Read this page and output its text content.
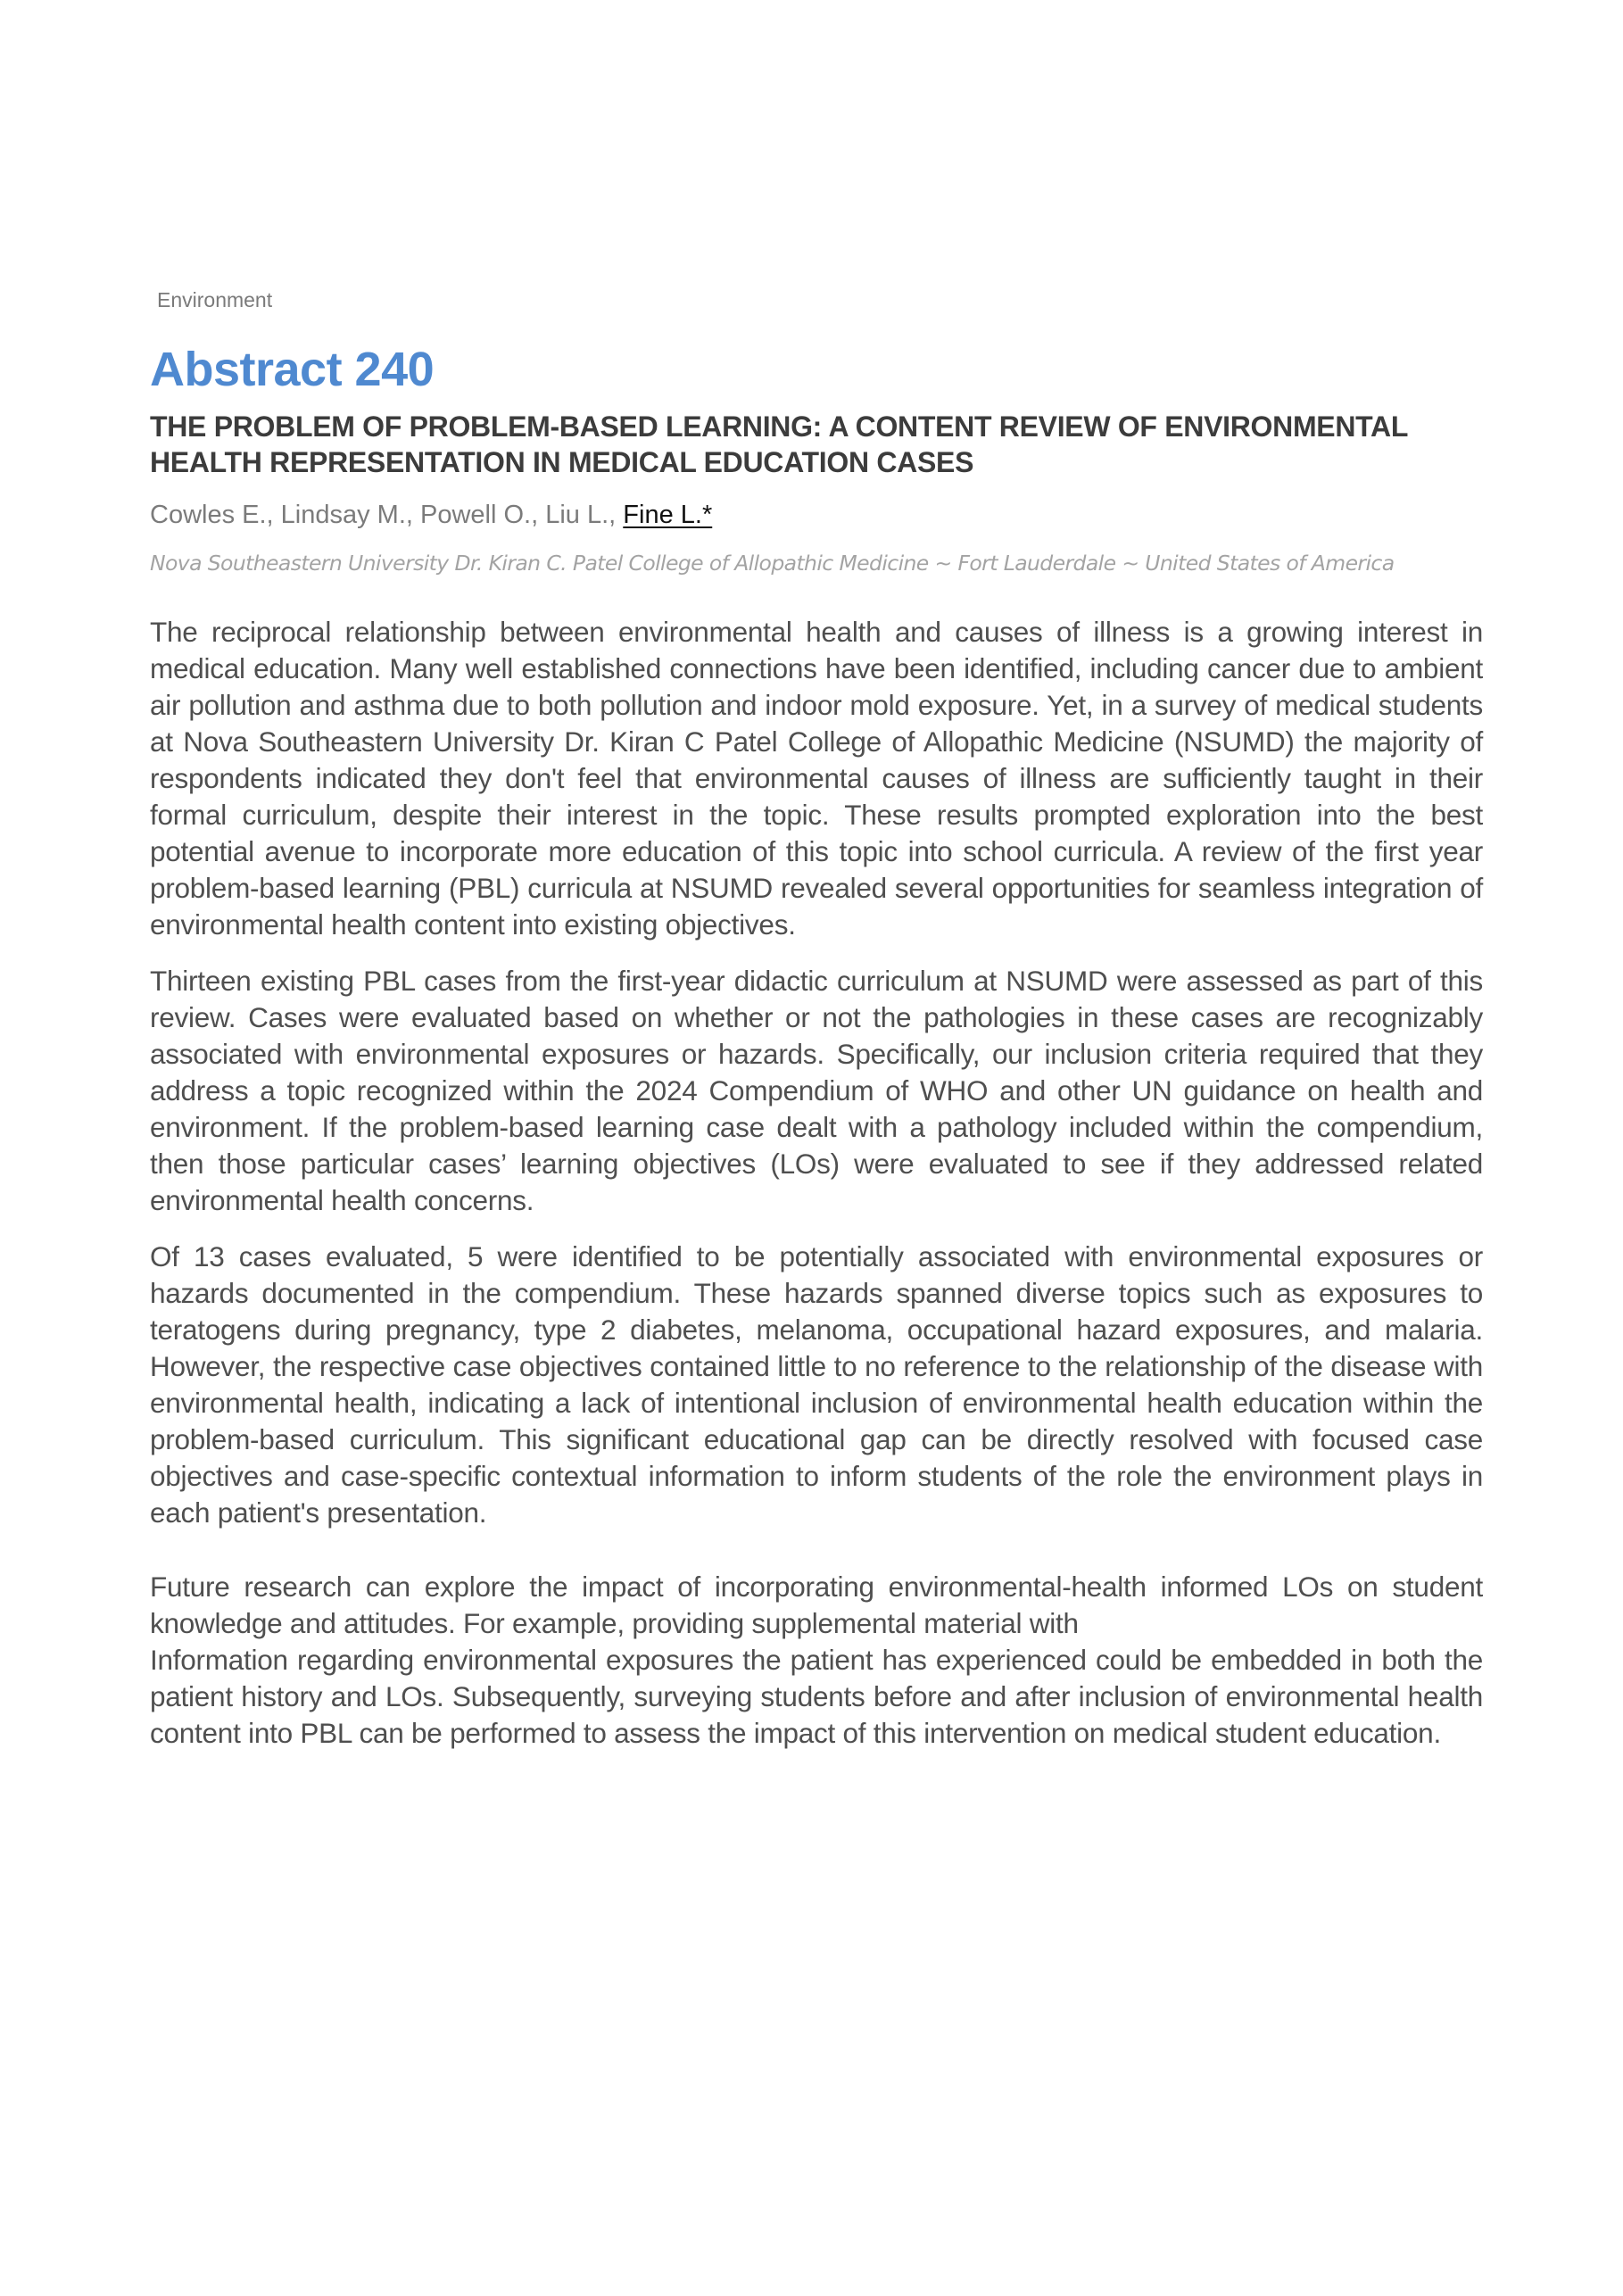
Environment

Abstract 240
THE PROBLEM OF PROBLEM-BASED LEARNING: A CONTENT REVIEW OF ENVIRONMENTAL HEALTH REPRESENTATION IN MEDICAL EDUCATION CASES

Cowles E., Lindsay M., Powell O., Liu L., Fine L.*

Nova Southeastern University Dr. Kiran C. Patel College of Allopathic Medicine ~ Fort Lauderdale ~ United States of America

The reciprocal relationship between environmental health and causes of illness is a growing interest in medical education. Many well established connections have been identified, including cancer due to ambient air pollution and asthma due to both pollution and indoor mold exposure. Yet, in a survey of medical students at Nova Southeastern University Dr. Kiran C Patel College of Allopathic Medicine (NSUMD) the majority of respondents indicated they don't feel that environmental causes of illness are sufficiently taught in their formal curriculum, despite their interest in the topic. These results prompted exploration into the best potential avenue to incorporate more education of this topic into school curricula. A review of the first year problem-based learning (PBL) curricula at NSUMD revealed several opportunities for seamless integration of environmental health content into existing objectives.

Thirteen existing PBL cases from the first-year didactic curriculum at NSUMD were assessed as part of this review. Cases were evaluated based on whether or not the pathologies in these cases are recognizably associated with environmental exposures or hazards. Specifically, our inclusion criteria required that they address a topic recognized within the 2024 Compendium of WHO and other UN guidance on health and environment. If the problem-based learning case dealt with a pathology included within the compendium, then those particular cases’ learning objectives (LOs) were evaluated to see if they addressed related environmental health concerns.

Of 13 cases evaluated, 5 were identified to be potentially associated with environmental exposures or hazards documented in the compendium. These hazards spanned diverse topics such as exposures to teratogens during pregnancy, type 2 diabetes, melanoma, occupational hazard exposures, and malaria. However, the respective case objectives contained little to no reference to the relationship of the disease with environmental health, indicating a lack of intentional inclusion of environmental health education within the problem-based curriculum. This significant educational gap can be directly resolved with focused case objectives and case-specific contextual information to inform students of the role the environment plays in each patient's presentation.

Future research can explore the impact of incorporating environmental-health informed LOs on student knowledge and attitudes. For example, providing supplemental material with
Information regarding environmental exposures the patient has experienced could be embedded in both the patient history and LOs. Subsequently, surveying students before and after inclusion of environmental health content into PBL can be performed to assess the impact of this intervention on medical student education.
